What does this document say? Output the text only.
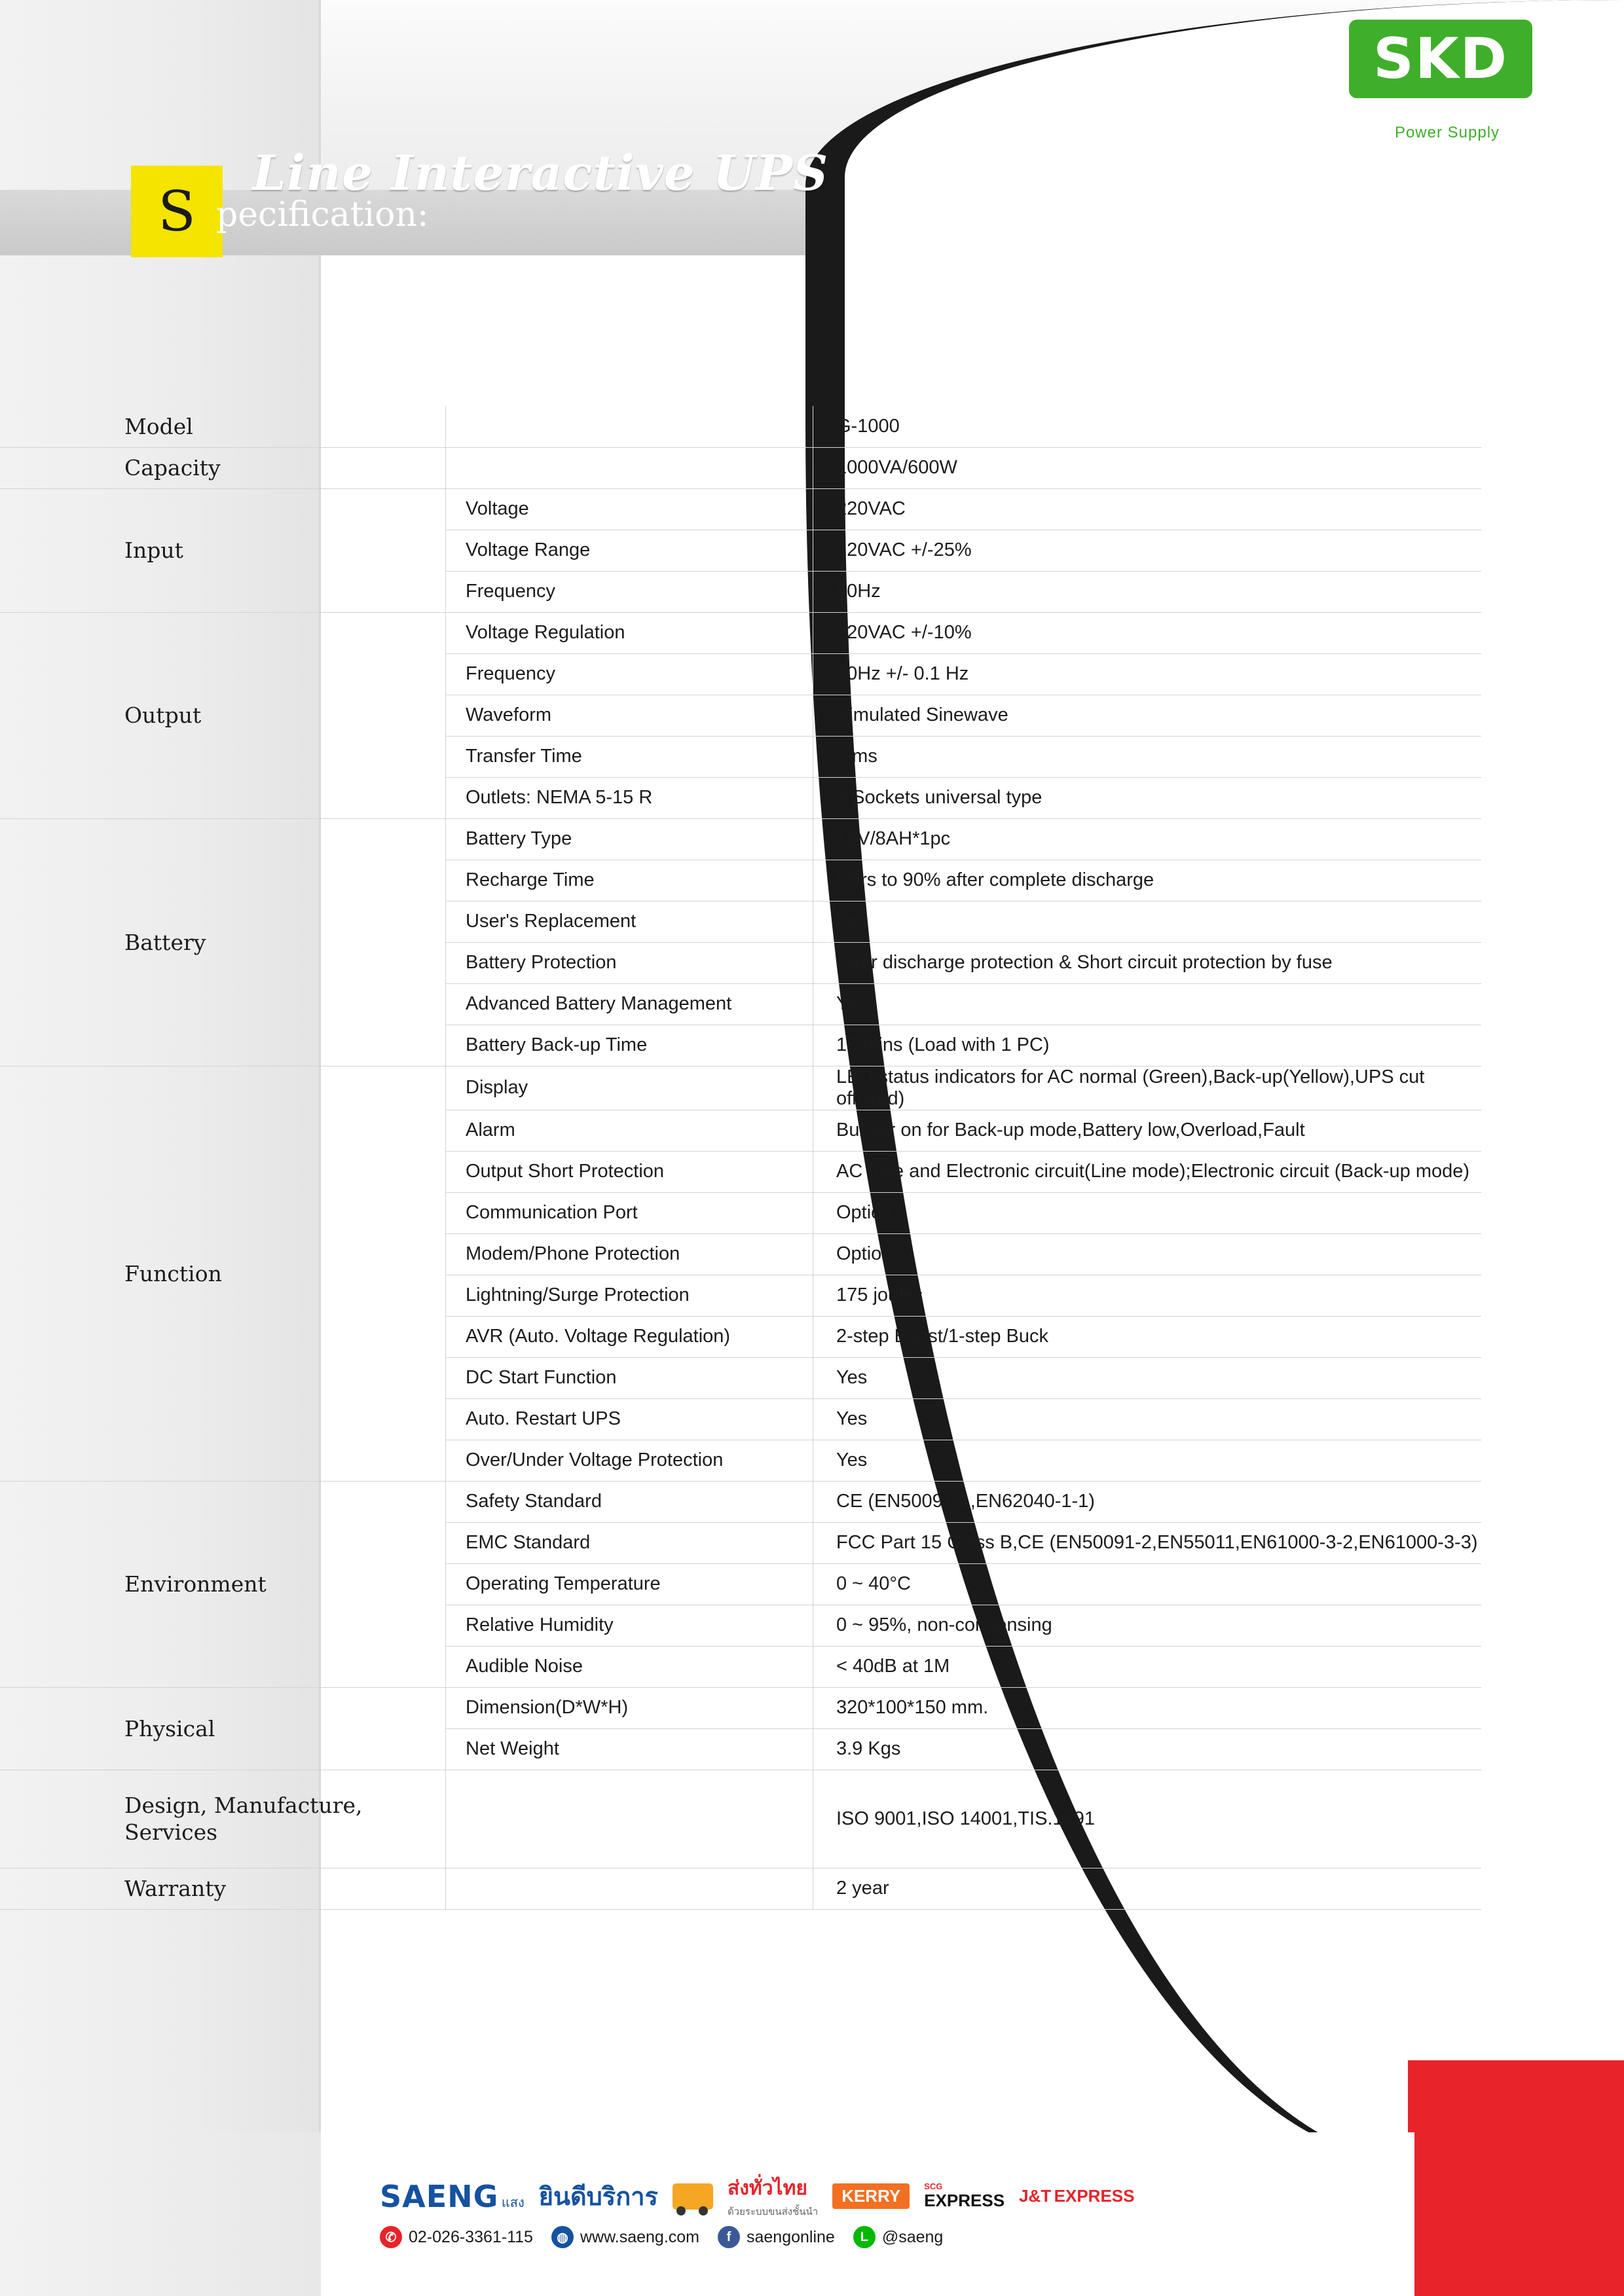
SKD
Uninterruptible
Power Supply
Line Interactive UPS
S pecification:
Model		G-1000
Capacity		1000VA/600W
Input	Voltage	220VAC
	Voltage Range	220VAC +/-25%
	Frequency	50Hz
Output	Voltage Regulation	220VAC +/-10%
	Frequency	50Hz +/- 0.1 Hz
	Waveform	Simulated Sinewave
	Transfer Time	2 ms
	Outlets: NEMA 5-15 R	4 Sockets universal type
Battery	Battery Type	12V/8AH*1pc
	Recharge Time	5Hrs to 90% after complete discharge
	User's Replacement	Yes
	Battery Protection	Over discharge protection & Short circuit protection by fuse
	Advanced Battery Management	Yes
	Battery Back-up Time	15 mins (Load with 1 PC)
Function	Display	LED status indicators for AC normal (Green),Back-up(Yellow),UPS cut off(Red)
	Alarm	Buzzer on for Back-up mode,Battery low,Overload,Fault
	Output Short Protection	AC fuse and Electronic circuit(Line mode);Electronic circuit (Back-up mode)
	Communication Port	Option
	Modem/Phone Protection	Option
	Lightning/Surge Protection	175 joules
	AVR (Auto. Voltage Regulation)	2-step Boost/1-step Buck
	DC Start Function	Yes
	Auto. Restart UPS	Yes
	Over/Under Voltage Protection	Yes
Environment	Safety Standard	CE (EN50091-1,EN62040-1-1)
	EMC Standard	FCC Part 15 Class B,CE (EN50091-2,EN55011,EN61000-3-2,EN61000-3-3)
	Operating Temperature	0 ~ 40°C
	Relative Humidity	0 ~ 95%, non-condensing
	Audible Noise	< 40dB at 1M
Physical	Dimension(D*W*H)	320*100*150 mm.
	Net Weight	3.9 Kgs
Design, Manufacture, Services		ISO 9001,ISO 14001,TIS.1291
Warranty		2 year
SAENG แสง ยินดีบริการ	ส่งทั่วไทย
ด้วยระบบขนส่งชั้นนำ
KERRY	SCG
EXPRESS J&T EXPRESS
✆ 02-026-3361-115	◍ www.saeng.com	f saengonline	L @saeng
